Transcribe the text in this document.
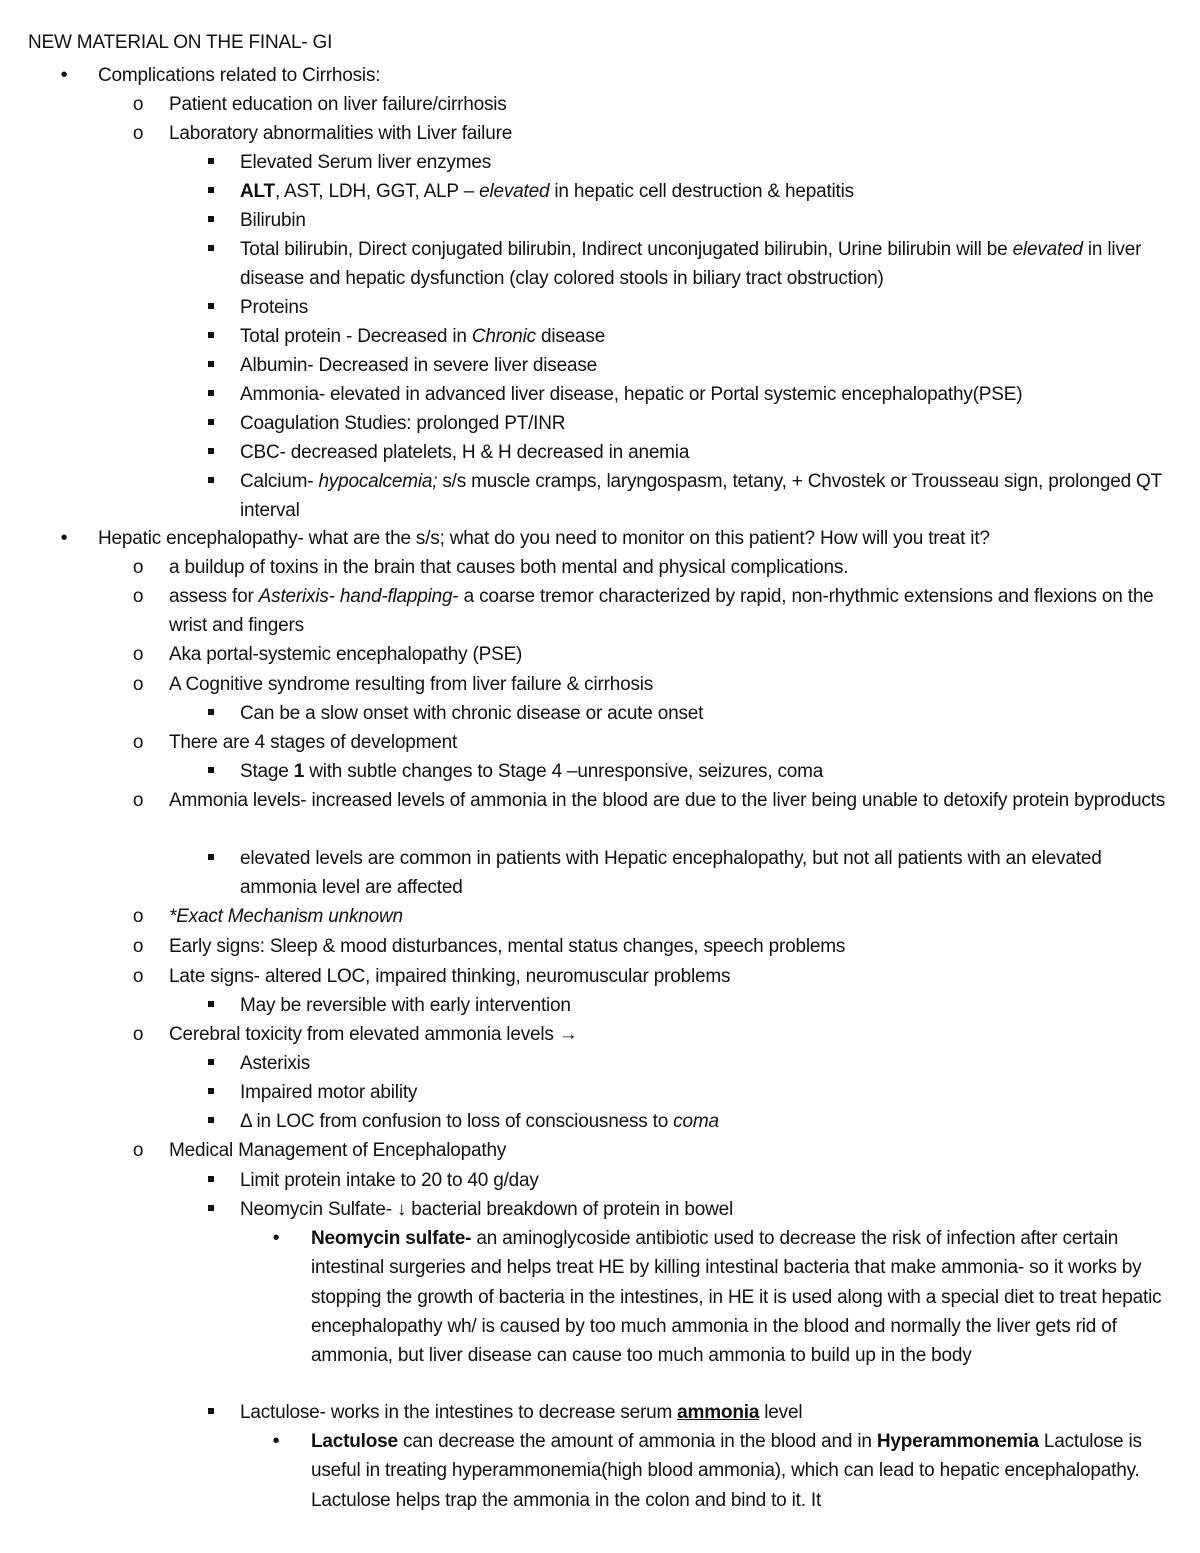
NEW MATERIAL ON THE FINAL- GI
• Complications related to Cirrhosis:
o Patient education on liver failure/cirrhosis
o Laboratory abnormalities with Liver failure
Elevated Serum liver enzymes
ALT, AST, LDH, GGT, ALP – elevated in hepatic cell destruction & hepatitis
Bilirubin
Total bilirubin, Direct conjugated bilirubin, Indirect unconjugated bilirubin, Urine bilirubin will be elevated in liver disease and hepatic dysfunction (clay colored stools in biliary tract obstruction)
Proteins
Total protein - Decreased in Chronic disease
Albumin- Decreased in severe liver disease
Ammonia- elevated in advanced liver disease, hepatic or Portal systemic encephalopathy(PSE)
Coagulation Studies: prolonged PT/INR
CBC- decreased platelets, H & H decreased in anemia
Calcium- hypocalcemia; s/s muscle cramps, laryngospasm, tetany, + Chvostek or Trousseau sign, prolonged QT interval
• Hepatic encephalopathy- what are the s/s; what do you need to monitor on this patient? How will you treat it?
o a buildup of toxins in the brain that causes both mental and physical complications.
o assess for Asterixis- hand-flapping- a coarse tremor characterized by rapid, non-rhythmic extensions and flexions on the wrist and fingers
o Aka portal-systemic encephalopathy (PSE)
o A Cognitive syndrome resulting from liver failure & cirrhosis
Can be a slow onset with chronic disease or acute onset
o There are 4 stages of development
Stage 1 with subtle changes to Stage 4 –unresponsive, seizures, coma
o Ammonia levels- increased levels of ammonia in the blood are due to the liver being unable to detoxify protein byproducts
elevated levels are common in patients with Hepatic encephalopathy, but not all patients with an elevated ammonia level are affected
o *Exact Mechanism unknown
o Early signs: Sleep & mood disturbances, mental status changes, speech problems
o Late signs- altered LOC, impaired thinking, neuromuscular problems
May be reversible with early intervention
o Cerebral toxicity from elevated ammonia levels →
Asterixis
Impaired motor ability
Δ in LOC from confusion to loss of consciousness to coma
o Medical Management of Encephalopathy
Limit protein intake to 20 to 40 g/day
Neomycin Sulfate- ↓ bacterial breakdown of protein in bowel
• Neomycin sulfate- an aminoglycoside antibiotic used to decrease the risk of infection after certain intestinal surgeries and helps treat HE by killing intestinal bacteria that make ammonia- so it works by stopping the growth of bacteria in the intestines, in HE it is used along with a special diet to treat hepatic encephalopathy wh/ is caused by too much ammonia in the blood and normally the liver gets rid of ammonia, but liver disease can cause too much ammonia to build up in the body
Lactulose- works in the intestines to decrease serum ammonia level
• Lactulose can decrease the amount of ammonia in the blood and in Hyperammonemia Lactulose is useful in treating hyperammonemia(high blood ammonia), which can lead to hepatic encephalopathy. Lactulose helps trap the ammonia in the colon and bind to it. It
